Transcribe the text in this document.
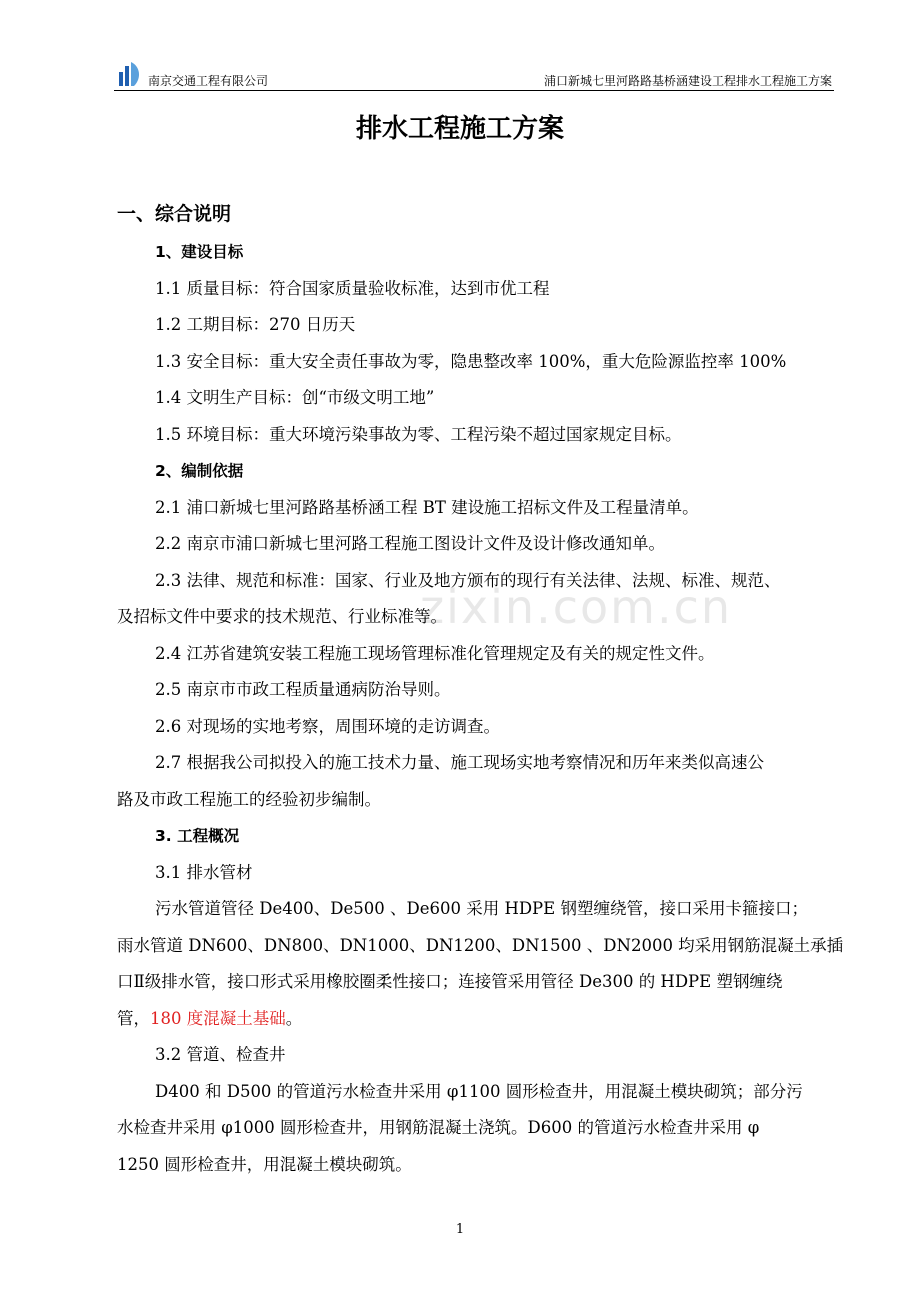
南京交通工程有限公司	浦口新城七里河路路基桥涵建设工程排水工程施工方案
排水工程施工方案
zixin.com.cn
一、综合说明
1、建设目标
1.1 质量目标：符合国家质量验收标准，达到市优工程
1.2 工期目标：270 日历天
1.3 安全目标：重大安全责任事故为零，隐患整改率 100%，重大危险源监控率 100%
1.4 文明生产目标：创“市级文明工地”
1.5 环境目标：重大环境污染事故为零、工程污染不超过国家规定目标。
2、编制依据
2.1 浦口新城七里河路路基桥涵工程 BT 建设施工招标文件及工程量清单。
2.2 南京市浦口新城七里河路工程施工图设计文件及设计修改通知单。
2.3 法律、规范和标准：国家、行业及地方颁布的现行有关法律、法规、标准、规范、
及招标文件中要求的技术规范、行业标准等。
2.4 江苏省建筑安装工程施工现场管理标准化管理规定及有关的规定性文件。
2.5 南京市市政工程质量通病防治导则。
2.6 对现场的实地考察，周围环境的走访调查。
2.7 根据我公司拟投入的施工技术力量、施工现场实地考察情况和历年来类似高速公
路及市政工程施工的经验初步编制。
3. 工程概况
3.1 排水管材
污水管道管径 De400、De500 、De600 采用 HDPE 钢塑缠绕管，接口采用卡箍接口；
雨水管道 DN600、DN800、DN1000、DN1200、DN1500 、DN2000 均采用钢筋混凝土承插
口Ⅱ级排水管，接口形式采用橡胶圈柔性接口；连接管采用管径 De300 的 HDPE 塑钢缠绕
管，180 度混凝土基础。
3.2 管道、检查井
D400 和 D500 的管道污水检查井采用 φ1100 圆形检查井，用混凝土模块砌筑；部分污
水检查井采用 φ1000 圆形检查井，用钢筋混凝土浇筑。D600 的管道污水检查井采用 φ
1250 圆形检查井，用混凝土模块砌筑。
1
